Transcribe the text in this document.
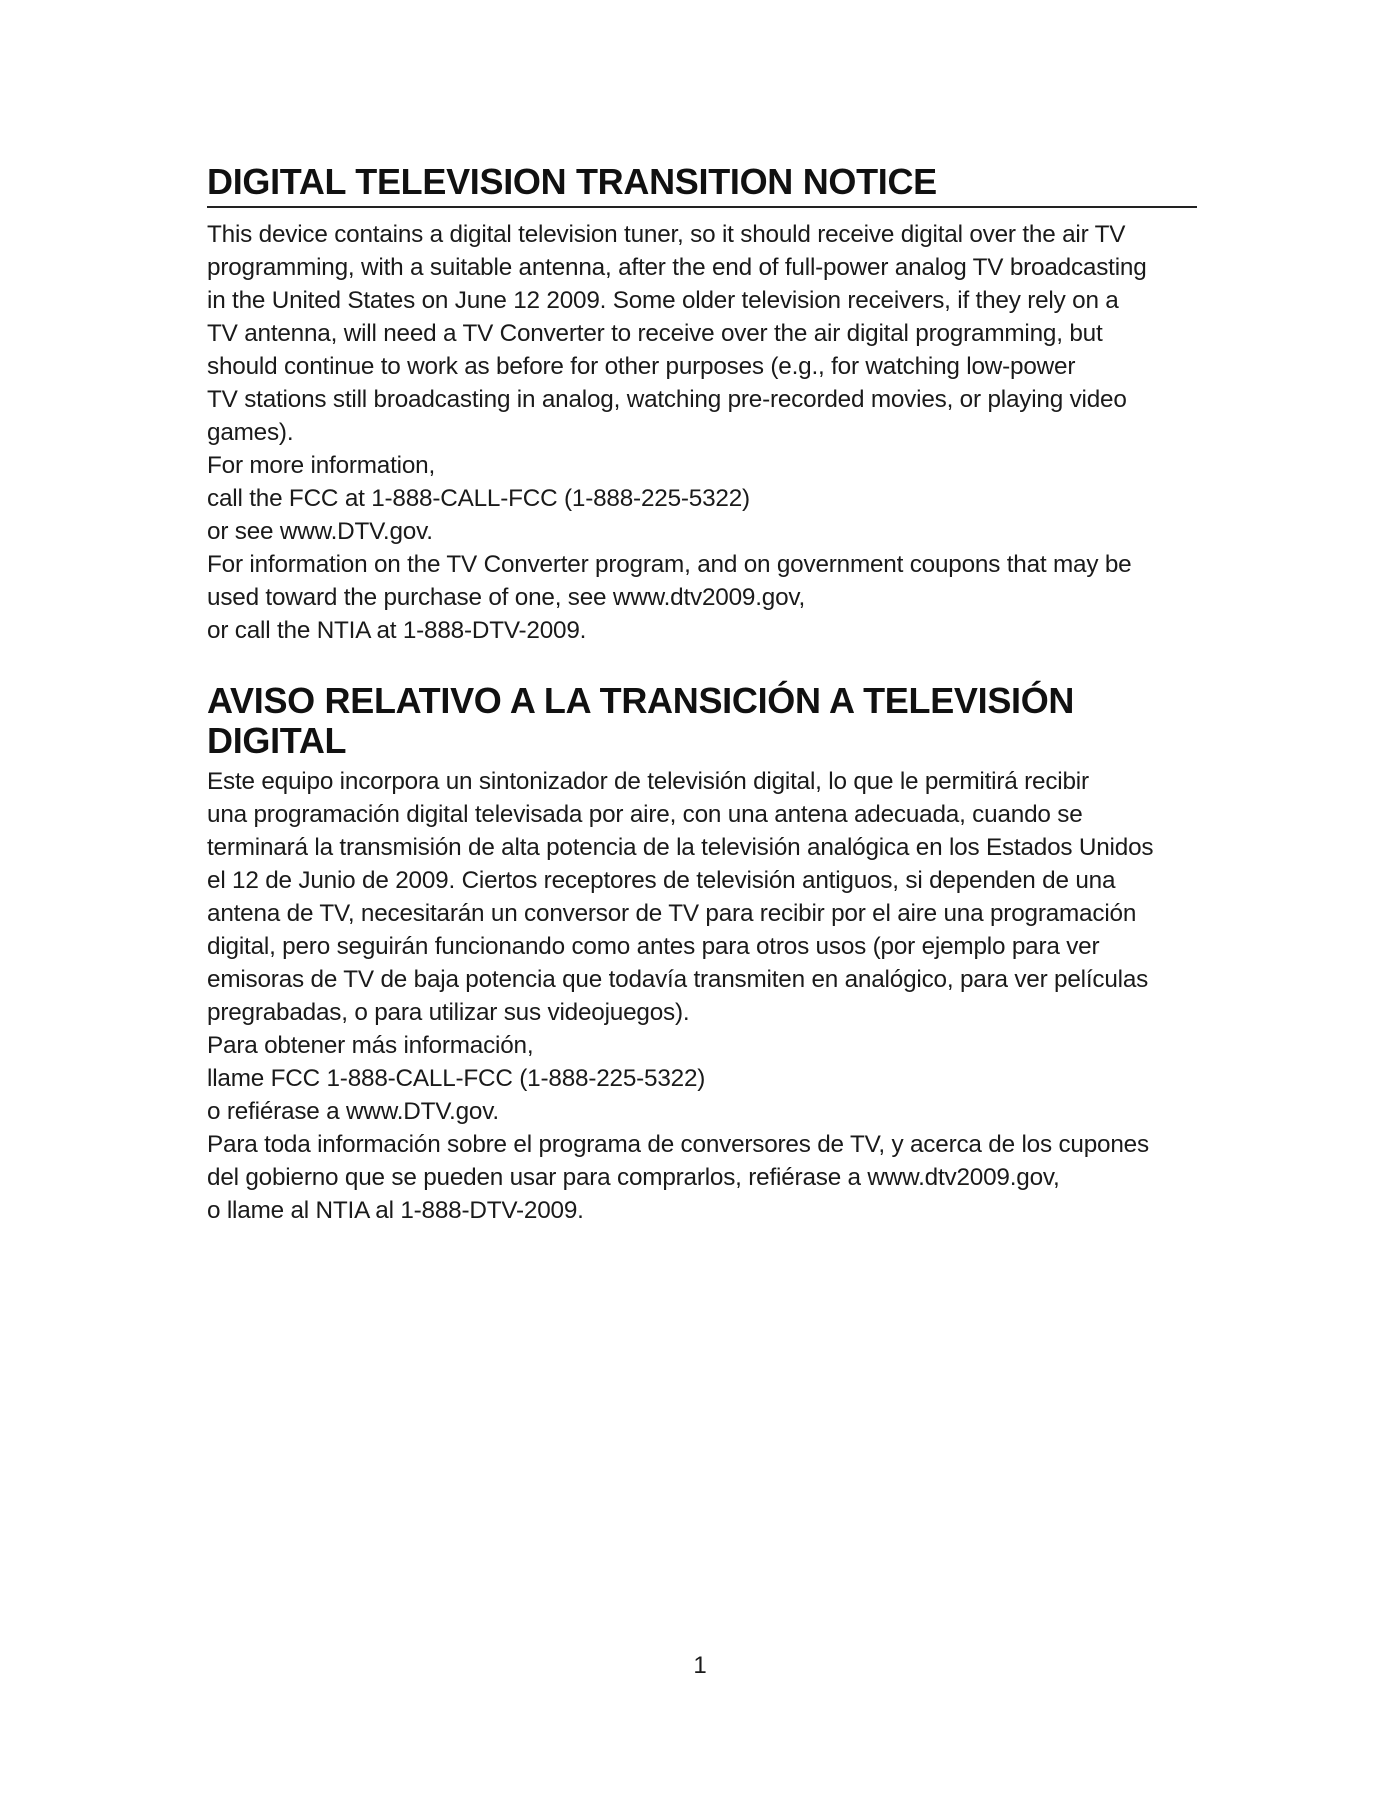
DIGITAL TELEVISION TRANSITION NOTICE

This device contains a digital television tuner, so it should receive digital over the air TV
programming, with a suitable antenna, after the end of full-power analog TV broadcasting
in the United States on June 12 2009. Some older television receivers, if they rely on a
TV antenna, will need a TV Converter to receive over the air digital programming, but
should continue to work as before for other purposes (e.g., for watching low-power
TV stations still broadcasting in analog, watching pre-recorded movies, or playing video
games).
For more information,
call the FCC at 1-888-CALL-FCC (1-888-225-5322)
or see www.DTV.gov.
For information on the TV Converter program, and on government coupons that may be
used toward the purchase of one, see www.dtv2009.gov,
or call the NTIA at 1-888-DTV-2009.

AVISO RELATIVO A LA TRANSICIÓN A TELEVISIÓN
DIGITAL

Este equipo incorpora un sintonizador de televisión digital, lo que le permitirá recibir
una programación digital televisada por aire, con una antena adecuada, cuando se
terminará la transmisión de alta potencia de la televisión analógica en los Estados Unidos
el 12 de Junio de 2009. Ciertos receptores de televisión antiguos, si dependen de una
antena de TV, necesitarán un conversor de TV para recibir por el aire una programación
digital, pero seguirán funcionando como antes para otros usos (por ejemplo para ver
emisoras de TV de baja potencia que todavía transmiten en analógico, para ver películas
pregrabadas, o para utilizar sus videojuegos).
Para obtener más información,
llame FCC 1-888-CALL-FCC (1-888-225-5322)
o refiérase a www.DTV.gov.
Para toda información sobre el programa de conversores de TV, y acerca de los cupones
del gobierno que se pueden usar para comprarlos, refiérase a www.dtv2009.gov,
o llame al NTIA al 1-888-DTV-2009.

1
